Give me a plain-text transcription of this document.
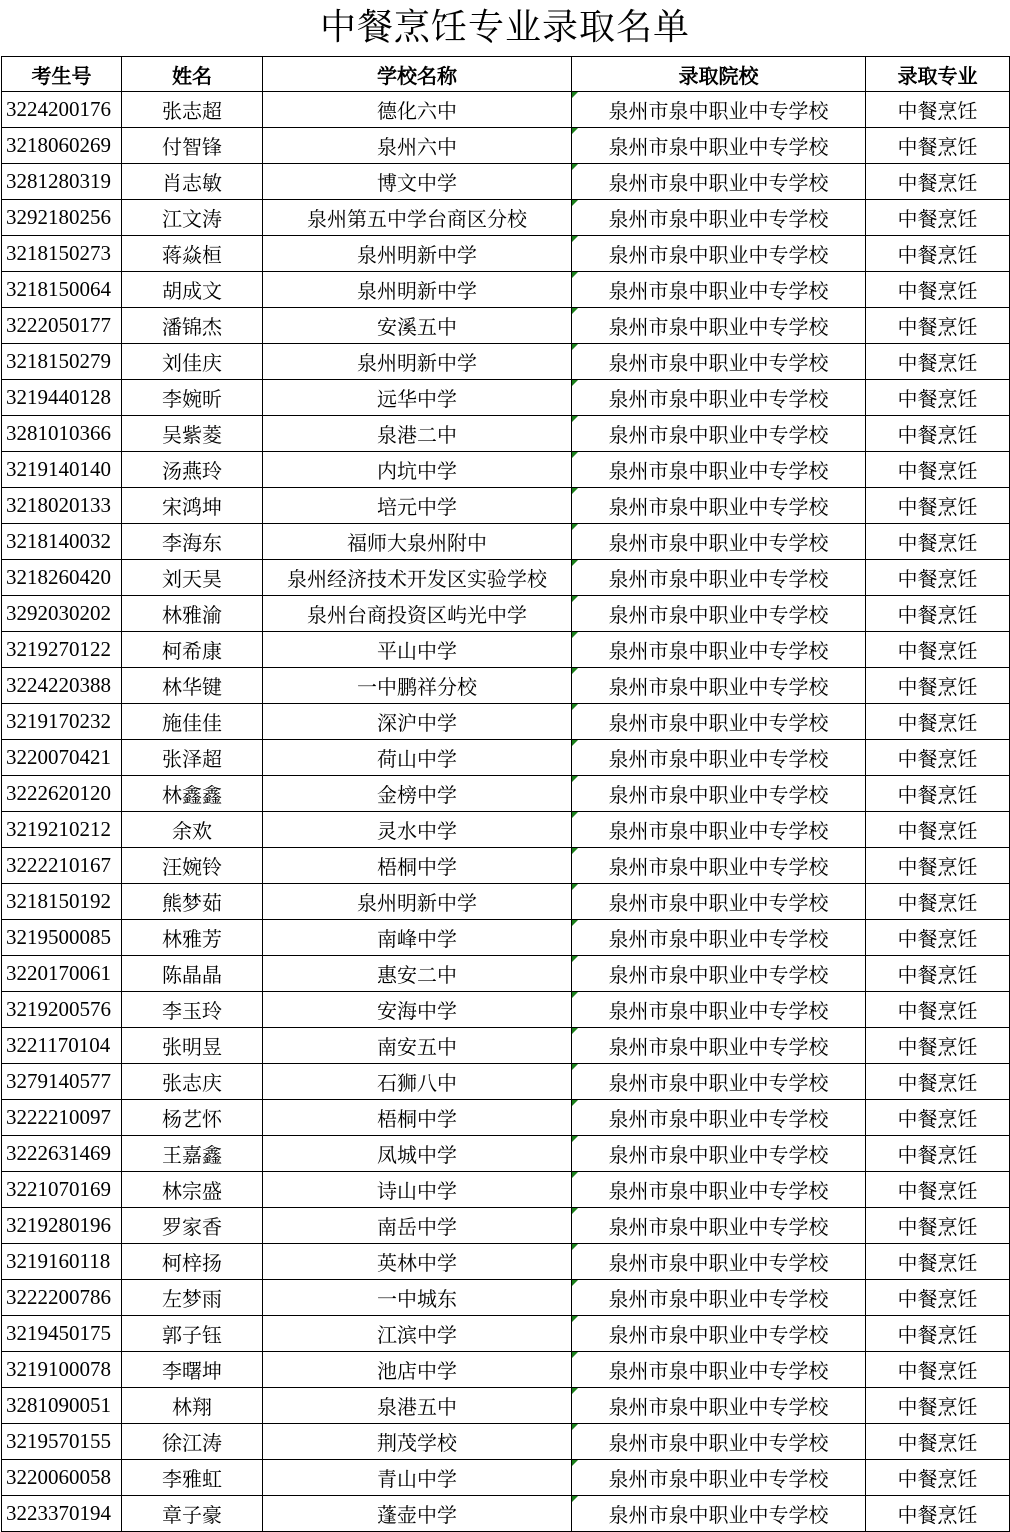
中餐烹饪专业录取名单
考生号	姓名	学校名称	录取院校	录取专业
3224200176	张志超	德化六中	泉州市泉中职业中专学校	中餐烹饪
3218060269	付智锋	泉州六中	泉州市泉中职业中专学校	中餐烹饪
3281280319	肖志敏	博文中学	泉州市泉中职业中专学校	中餐烹饪
3292180256	江文涛	泉州第五中学台商区分校	泉州市泉中职业中专学校	中餐烹饪
3218150273	蒋焱桓	泉州明新中学	泉州市泉中职业中专学校	中餐烹饪
3218150064	胡成文	泉州明新中学	泉州市泉中职业中专学校	中餐烹饪
3222050177	潘锦杰	安溪五中	泉州市泉中职业中专学校	中餐烹饪
3218150279	刘佳庆	泉州明新中学	泉州市泉中职业中专学校	中餐烹饪
3219440128	李婉昕	远华中学	泉州市泉中职业中专学校	中餐烹饪
3281010366	吴紫菱	泉港二中	泉州市泉中职业中专学校	中餐烹饪
3219140140	汤燕玲	内坑中学	泉州市泉中职业中专学校	中餐烹饪
3218020133	宋鸿坤	培元中学	泉州市泉中职业中专学校	中餐烹饪
3218140032	李海东	福师大泉州附中	泉州市泉中职业中专学校	中餐烹饪
3218260420	刘天昊	泉州经济技术开发区实验学校	泉州市泉中职业中专学校	中餐烹饪
3292030202	林雅渝	泉州台商投资区屿光中学	泉州市泉中职业中专学校	中餐烹饪
3219270122	柯希康	平山中学	泉州市泉中职业中专学校	中餐烹饪
3224220388	林华键	一中鹏祥分校	泉州市泉中职业中专学校	中餐烹饪
3219170232	施佳佳	深沪中学	泉州市泉中职业中专学校	中餐烹饪
3220070421	张泽超	荷山中学	泉州市泉中职业中专学校	中餐烹饪
3222620120	林鑫鑫	金榜中学	泉州市泉中职业中专学校	中餐烹饪
3219210212	余欢	灵水中学	泉州市泉中职业中专学校	中餐烹饪
3222210167	汪婉铃	梧桐中学	泉州市泉中职业中专学校	中餐烹饪
3218150192	熊梦茹	泉州明新中学	泉州市泉中职业中专学校	中餐烹饪
3219500085	林雅芳	南峰中学	泉州市泉中职业中专学校	中餐烹饪
3220170061	陈晶晶	惠安二中	泉州市泉中职业中专学校	中餐烹饪
3219200576	李玉玲	安海中学	泉州市泉中职业中专学校	中餐烹饪
3221170104	张明昱	南安五中	泉州市泉中职业中专学校	中餐烹饪
3279140577	张志庆	石狮八中	泉州市泉中职业中专学校	中餐烹饪
3222210097	杨艺怀	梧桐中学	泉州市泉中职业中专学校	中餐烹饪
3222631469	王嘉鑫	凤城中学	泉州市泉中职业中专学校	中餐烹饪
3221070169	林宗盛	诗山中学	泉州市泉中职业中专学校	中餐烹饪
3219280196	罗家香	南岳中学	泉州市泉中职业中专学校	中餐烹饪
3219160118	柯梓扬	英林中学	泉州市泉中职业中专学校	中餐烹饪
3222200786	左梦雨	一中城东	泉州市泉中职业中专学校	中餐烹饪
3219450175	郭子钰	江滨中学	泉州市泉中职业中专学校	中餐烹饪
3219100078	李曙坤	池店中学	泉州市泉中职业中专学校	中餐烹饪
3281090051	林翔	泉港五中	泉州市泉中职业中专学校	中餐烹饪
3219570155	徐江涛	荆茂学校	泉州市泉中职业中专学校	中餐烹饪
3220060058	李雅虹	青山中学	泉州市泉中职业中专学校	中餐烹饪
3223370194	章子豪	蓬壶中学	泉州市泉中职业中专学校	中餐烹饪
